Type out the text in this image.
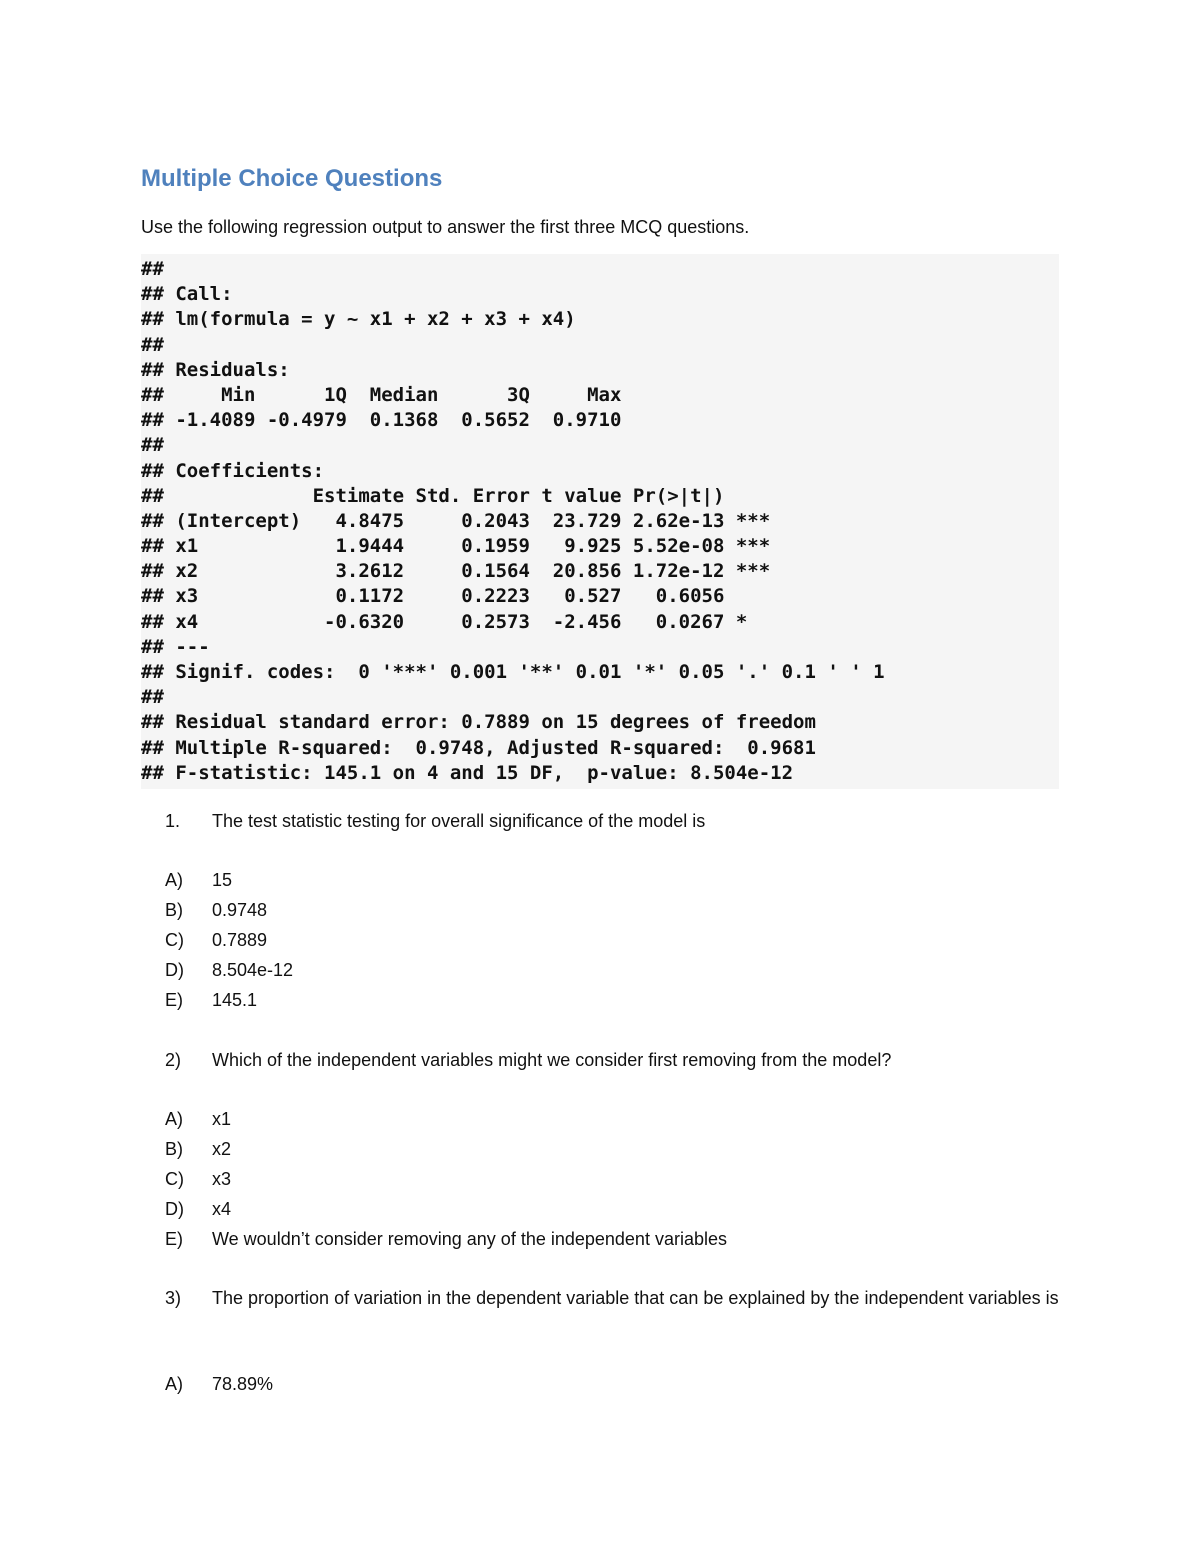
Multiple Choice Questions

Use the following regression output to answer the first three MCQ questions.

##
## Call:
## lm(formula = y ~ x1 + x2 + x3 + x4)
##
## Residuals:
##     Min      1Q  Median      3Q     Max
## -1.4089 -0.4979  0.1368  0.5652  0.9710
##
## Coefficients:
##             Estimate Std. Error t value Pr(>|t|)
## (Intercept)   4.8475     0.2043  23.729 2.62e-13 ***
## x1            1.9444     0.1959   9.925 5.52e-08 ***
## x2            3.2612     0.1564  20.856 1.72e-12 ***
## x3            0.1172     0.2223   0.527   0.6056
## x4           -0.6320     0.2573  -2.456   0.0267 *
## ---
## Signif. codes:  0 '***' 0.001 '**' 0.01 '*' 0.05 '.' 0.1 ' ' 1
##
## Residual standard error: 0.7889 on 15 degrees of freedom
## Multiple R-squared:  0.9748, Adjusted R-squared:  0.9681
## F-statistic: 145.1 on 4 and 15 DF,  p-value: 8.504e-12
1.	The test statistic testing for overall significance of the model is
A)	15
B)	0.9748
C)	0.7889
D)	8.504e-12
E)	145.1
2)	Which of the independent variables might we consider first removing from the model?
A)	x1
B)	x2
C)	x3
D)	x4
E)	We wouldn’t consider removing any of the independent variables
3)	The proportion of variation in the dependent variable that can be explained by the independent variables is
A)	78.89%
